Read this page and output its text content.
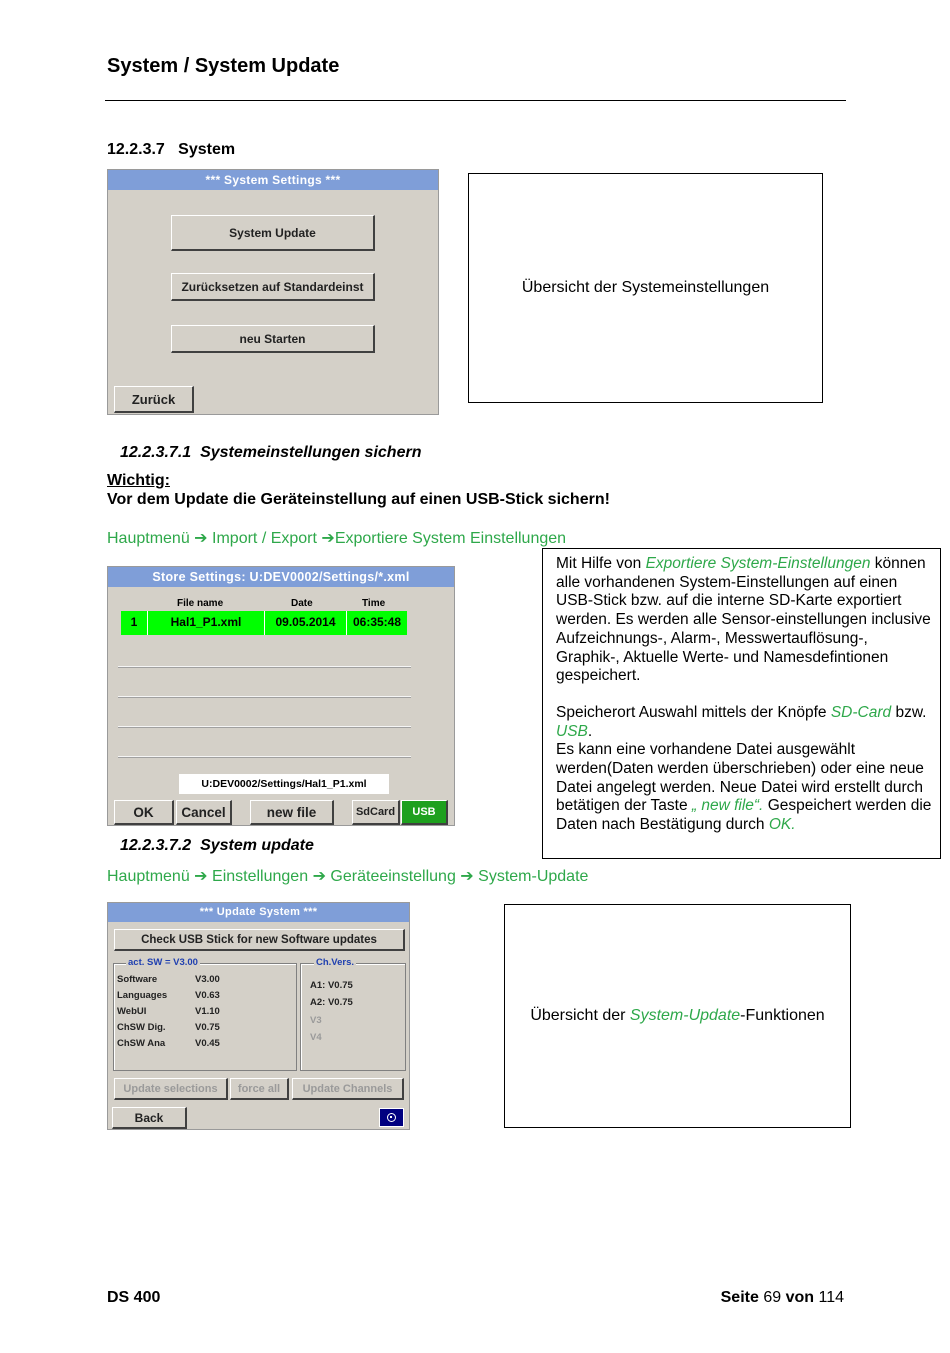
System / System Update
12.2.3.7   System
*** System Settings ***
System Update
Zurücksetzen auf Standardeinst
neu Starten
Zurück
Übersicht der Systemeinstellungen
12.2.3.7.1  Systemeinstellungen sichern
Wichtig:
Vor dem Update die Geräteinstellung auf einen USB-Stick sichern!
Hauptmenü ➔ Import / Export ➔Exportiere System Einstellungen
Store Settings: U:DEV0002/Settings/*.xml
File name	Date	Time
1	Hal1_P1.xml	09.05.2014	06:35:48
U:DEV0002/Settings/Hal1_P1.xml
OK	Cancel	new file	SdCard	USB
Mit Hilfe von Exportiere System-Einstellungen können alle vorhandenen System-Einstellungen auf einen USB-Stick bzw. auf die interne SD-Karte exportiert werden. Es werden alle Sensor-einstellungen inclusive Aufzeichnungs-, Alarm-, Messwertauflösung-, Graphik-, Aktuelle Werte- und Namesdefintionen gespeichert.
Speicherort Auswahl mittels der Knöpfe SD-Card bzw. USB.
Es kann eine vorhandene Datei ausgewählt werden(Daten werden überschrieben) oder eine neue Datei angelegt werden. Neue Datei wird erstellt durch betätigen der Taste „ new file“. Gespeichert werden die Daten nach Bestätigung durch OK.
12.2.3.7.2  System update
Hauptmenü ➔ Einstellungen ➔ Geräteeinstellung ➔ System-Update
*** Update System ***
Check USB Stick for new Software updates
act. SW = V3.00
Software	V3.00
Languages	V0.63
WebUI	V1.10
ChSW Dig.	V0.75
ChSW Ana	V0.45
Ch.Vers.
A1: V0.75
A2: V0.75
V3
V4
Update selections	force all	Update Channels
Back
Übersicht der System-Update-Funktionen
DS 400	Seite 69 von 114
